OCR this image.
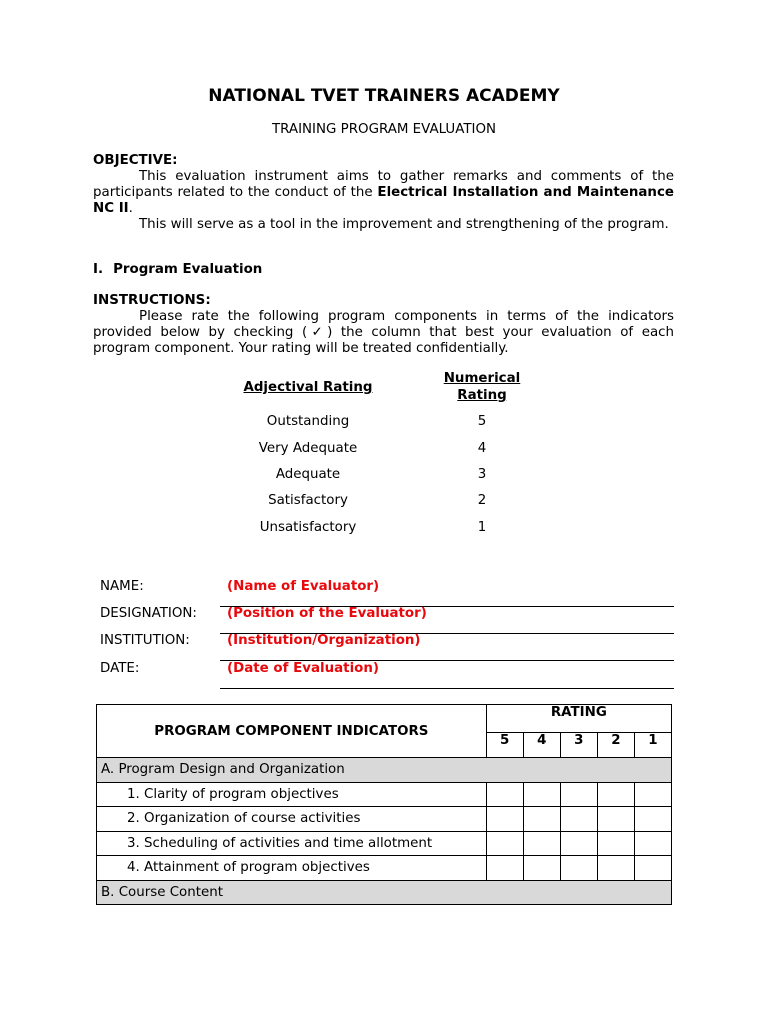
NATIONAL TVET TRAINERS ACADEMY
TRAINING PROGRAM EVALUATION
OBJECTIVE:
This evaluation instrument aims to gather remarks and comments of the participants related to the conduct of the Electrical Installation and Maintenance NC II.
This will serve as a tool in the improvement and strengthening of the program.
I. Program Evaluation
INSTRUCTIONS:
Please rate the following program components in terms of the indicators provided below by checking (✓) the column that best your evaluation of each program component. Your rating will be treated confidentially.
Adjectival Rating
Numerical
Rating
Outstanding	5
Very Adequate	4
Adequate	3
Satisfactory	2
Unsatisfactory	1
NAME:	(Name of Evaluator)
DESIGNATION: (Position of the Evaluator)
INSTITUTION:	(Institution/Organization)
DATE:	(Date of Evaluation)
PROGRAM COMPONENT INDICATORS	RATING				
	5	4	3	2	1
A. Program Design and Organization					
1. Clarity of program objectives					
2. Organization of course activities					
3. Scheduling of activities and time allotment					
4. Attainment of program objectives					
B. Course Content					
